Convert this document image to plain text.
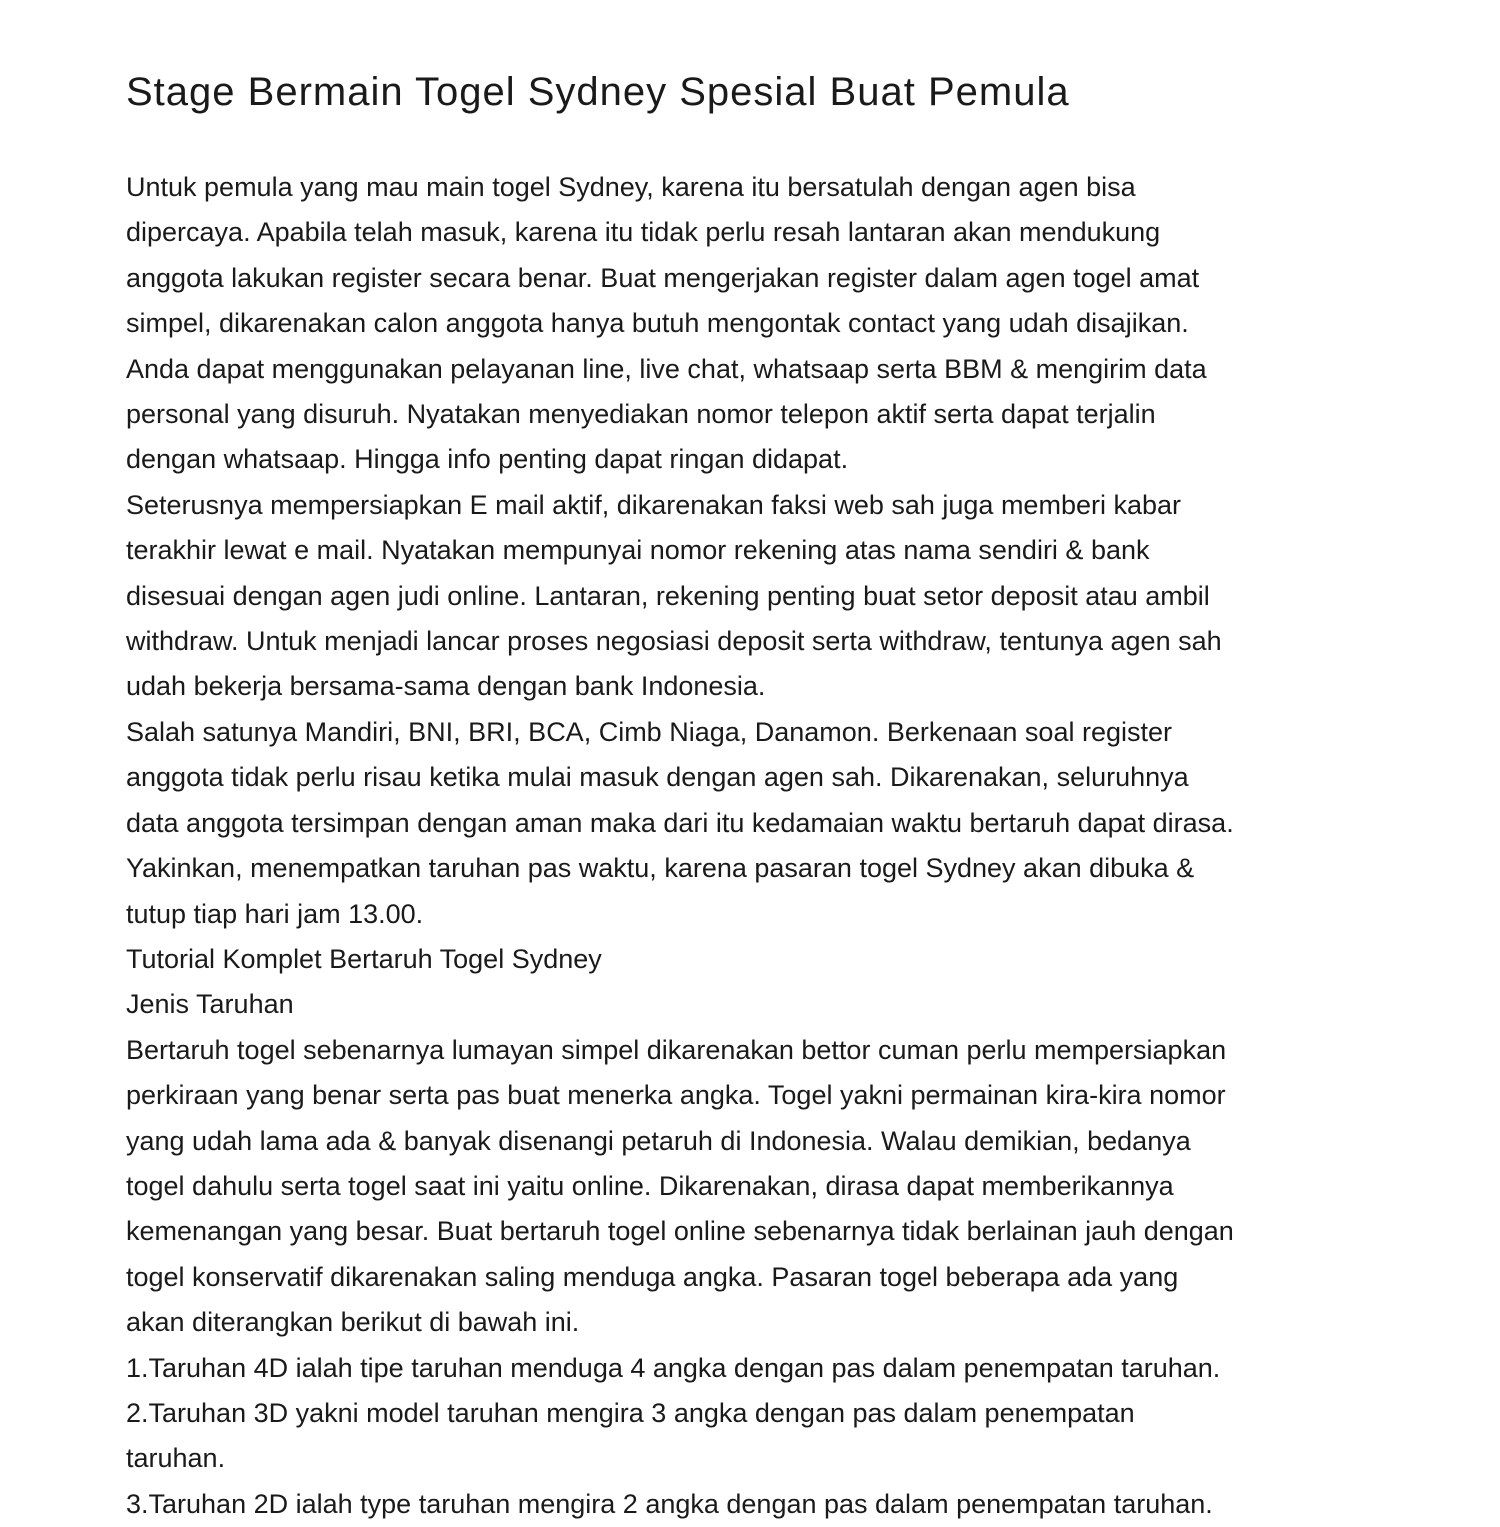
Stage Bermain Togel Sydney Spesial Buat Pemula

Untuk pemula yang mau main togel Sydney, karena itu bersatulah dengan agen bisa

dipercaya. Apabila telah masuk, karena itu tidak perlu resah lantaran akan mendukung

anggota lakukan register secara benar. Buat mengerjakan register dalam agen togel amat

simpel, dikarenakan calon anggota hanya butuh mengontak contact yang udah disajikan.

Anda dapat menggunakan pelayanan line, live chat, whatsaap serta BBM & mengirim data

personal yang disuruh. Nyatakan menyediakan nomor telepon aktif serta dapat terjalin

dengan whatsaap. Hingga info penting dapat ringan didapat.

Seterusnya mempersiapkan E mail aktif, dikarenakan faksi web sah juga memberi kabar

terakhir lewat e mail. Nyatakan mempunyai nomor rekening atas nama sendiri & bank

disesuai dengan agen judi online. Lantaran, rekening penting buat setor deposit atau ambil

withdraw. Untuk menjadi lancar proses negosiasi deposit serta withdraw, tentunya agen sah

udah bekerja bersama-sama dengan bank Indonesia.

Salah satunya Mandiri, BNI, BRI, BCA, Cimb Niaga, Danamon. Berkenaan soal register

anggota tidak perlu risau ketika mulai masuk dengan agen sah. Dikarenakan, seluruhnya

data anggota tersimpan dengan aman maka dari itu kedamaian waktu bertaruh dapat dirasa.

Yakinkan, menempatkan taruhan pas waktu, karena pasaran togel Sydney akan dibuka &

tutup tiap hari jam 13.00.

Tutorial Komplet Bertaruh Togel Sydney

Jenis Taruhan

Bertaruh togel sebenarnya lumayan simpel dikarenakan bettor cuman perlu mempersiapkan

perkiraan yang benar serta pas buat menerka angka. Togel yakni permainan kira-kira nomor

yang udah lama ada & banyak disenangi petaruh di Indonesia. Walau demikian, bedanya

togel dahulu serta togel saat ini yaitu online. Dikarenakan, dirasa dapat memberikannya

kemenangan yang besar. Buat bertaruh togel online sebenarnya tidak berlainan jauh dengan

togel konservatif dikarenakan saling menduga angka. Pasaran togel beberapa ada yang

akan diterangkan berikut di bawah ini.

1.Taruhan 4D ialah tipe taruhan menduga 4 angka dengan pas dalam penempatan taruhan.

2.Taruhan 3D yakni model taruhan mengira 3 angka dengan pas dalam penempatan

taruhan.

3.Taruhan 2D ialah type taruhan mengira 2 angka dengan pas dalam penempatan taruhan.
